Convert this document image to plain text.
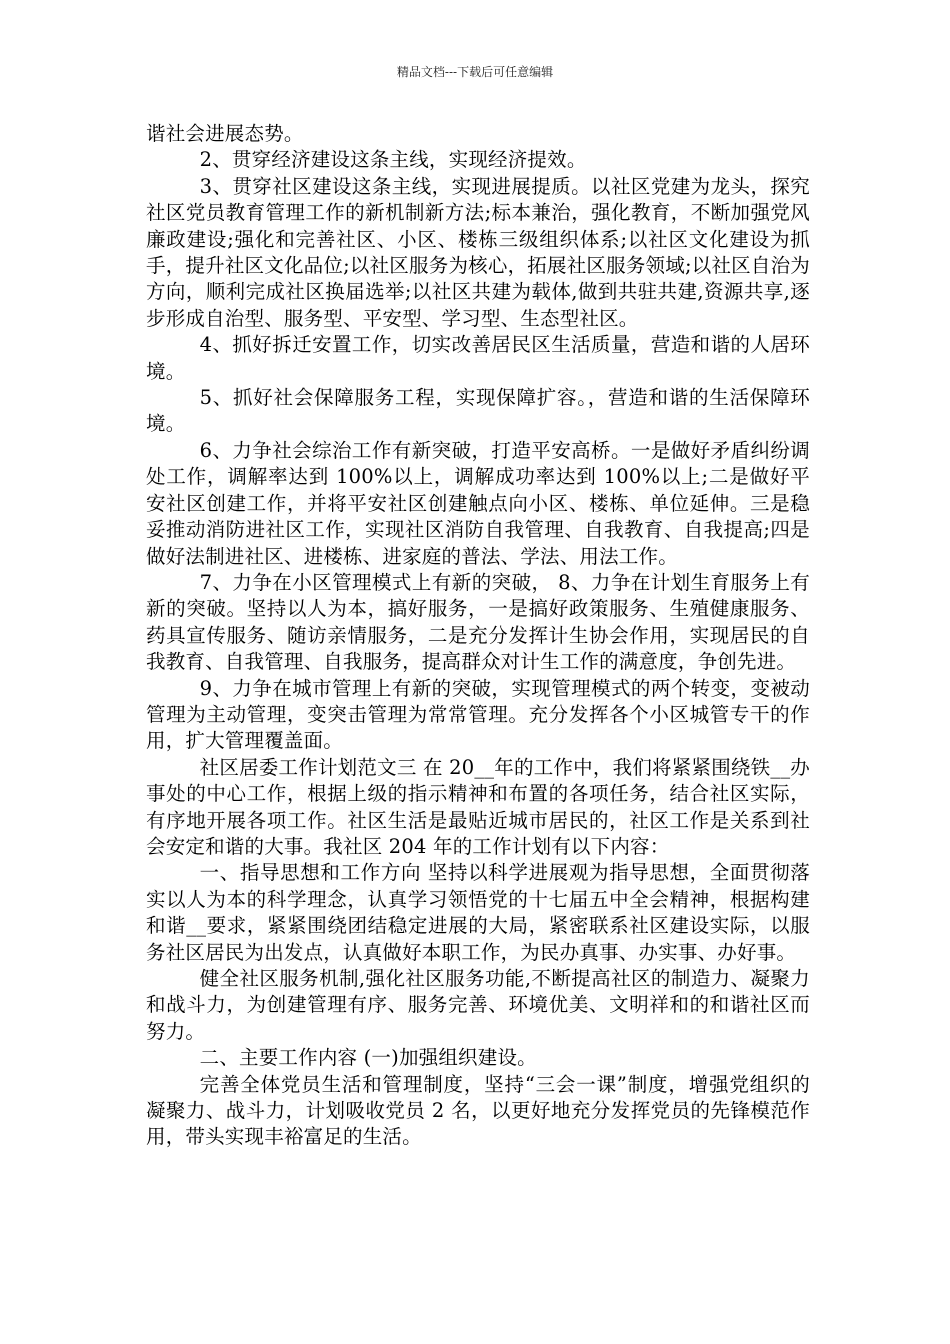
精品文档---下载后可任意编辑

谐社会进展态势。

2、贯穿经济建设这条主线，实现经济提效。

3、贯穿社区建设这条主线，实现进展提质。以社区党建为龙头，探究社区党员教育管理工作的新机制新方法;标本兼治，强化教育，不断加强党风廉政建设;强化和完善社区、小区、楼栋三级组织体系;以社区文化建设为抓手，提升社区文化品位;以社区服务为核心，拓展社区服务领域;以社区自治为方向，顺利完成社区换届选举;以社区共建为载体,做到共驻共建,资源共享,逐步形成自治型、服务型、平安型、学习型、生态型社区。

4、抓好拆迁安置工作，切实改善居民区生活质量，营造和谐的人居环境。

5、抓好社会保障服务工程，实现保障扩容。，营造和谐的生活保障环境。

6、力争社会综治工作有新突破，打造平安高桥。一是做好矛盾纠纷调处工作，调解率达到 100%以上，调解成功率达到 100%以上;二是做好平安社区创建工作，并将平安社区创建触点向小区、楼栋、单位延伸。三是稳妥推动消防进社区工作，实现社区消防自我管理、自我教育、自我提高;四是做好法制进社区、进楼栋、进家庭的普法、学法、用法工作。

7、力争在小区管理模式上有新的突破， 8、力争在计划生育服务上有新的突破。坚持以人为本，搞好服务，一是搞好政策服务、生殖健康服务、药具宣传服务、随访亲情服务，二是充分发挥计生协会作用，实现居民的自我教育、自我管理、自我服务，提高群众对计生工作的满意度，争创先进。

9、力争在城市管理上有新的突破，实现管理模式的两个转变，变被动管理为主动管理，变突击管理为常常管理。充分发挥各个小区城管专干的作用，扩大管理覆盖面。

社区居委工作计划范文三 在 20__年的工作中，我们将紧紧围绕铁__办事处的中心工作，根据上级的指示精神和布置的各项任务，结合社区实际，有序地开展各项工作。社区生活是最贴近城市居民的，社区工作是关系到社会安定和谐的大事。我社区 204 年的工作计划有以下内容：

一、指导思想和工作方向 坚持以科学进展观为指导思想，全面贯彻落实以人为本的科学理念，认真学习领悟党的十七届五中全会精神，根据构建和谐__要求，紧紧围绕团结稳定进展的大局，紧密联系社区建设实际，以服务社区居民为出发点，认真做好本职工作，为民办真事、办实事、办好事。

健全社区服务机制,强化社区服务功能,不断提高社区的制造力、凝聚力和战斗力，为创建管理有序、服务完善、环境优美、文明祥和的和谐社区而努力。

二、主要工作内容 (一)加强组织建设。

完善全体党员生活和管理制度，坚持“三会一课”制度，增强党组织的凝聚力、战斗力，计划吸收党员 2 名，以更好地充分发挥党员的先锋模范作用，带头实现丰裕富足的生活。
